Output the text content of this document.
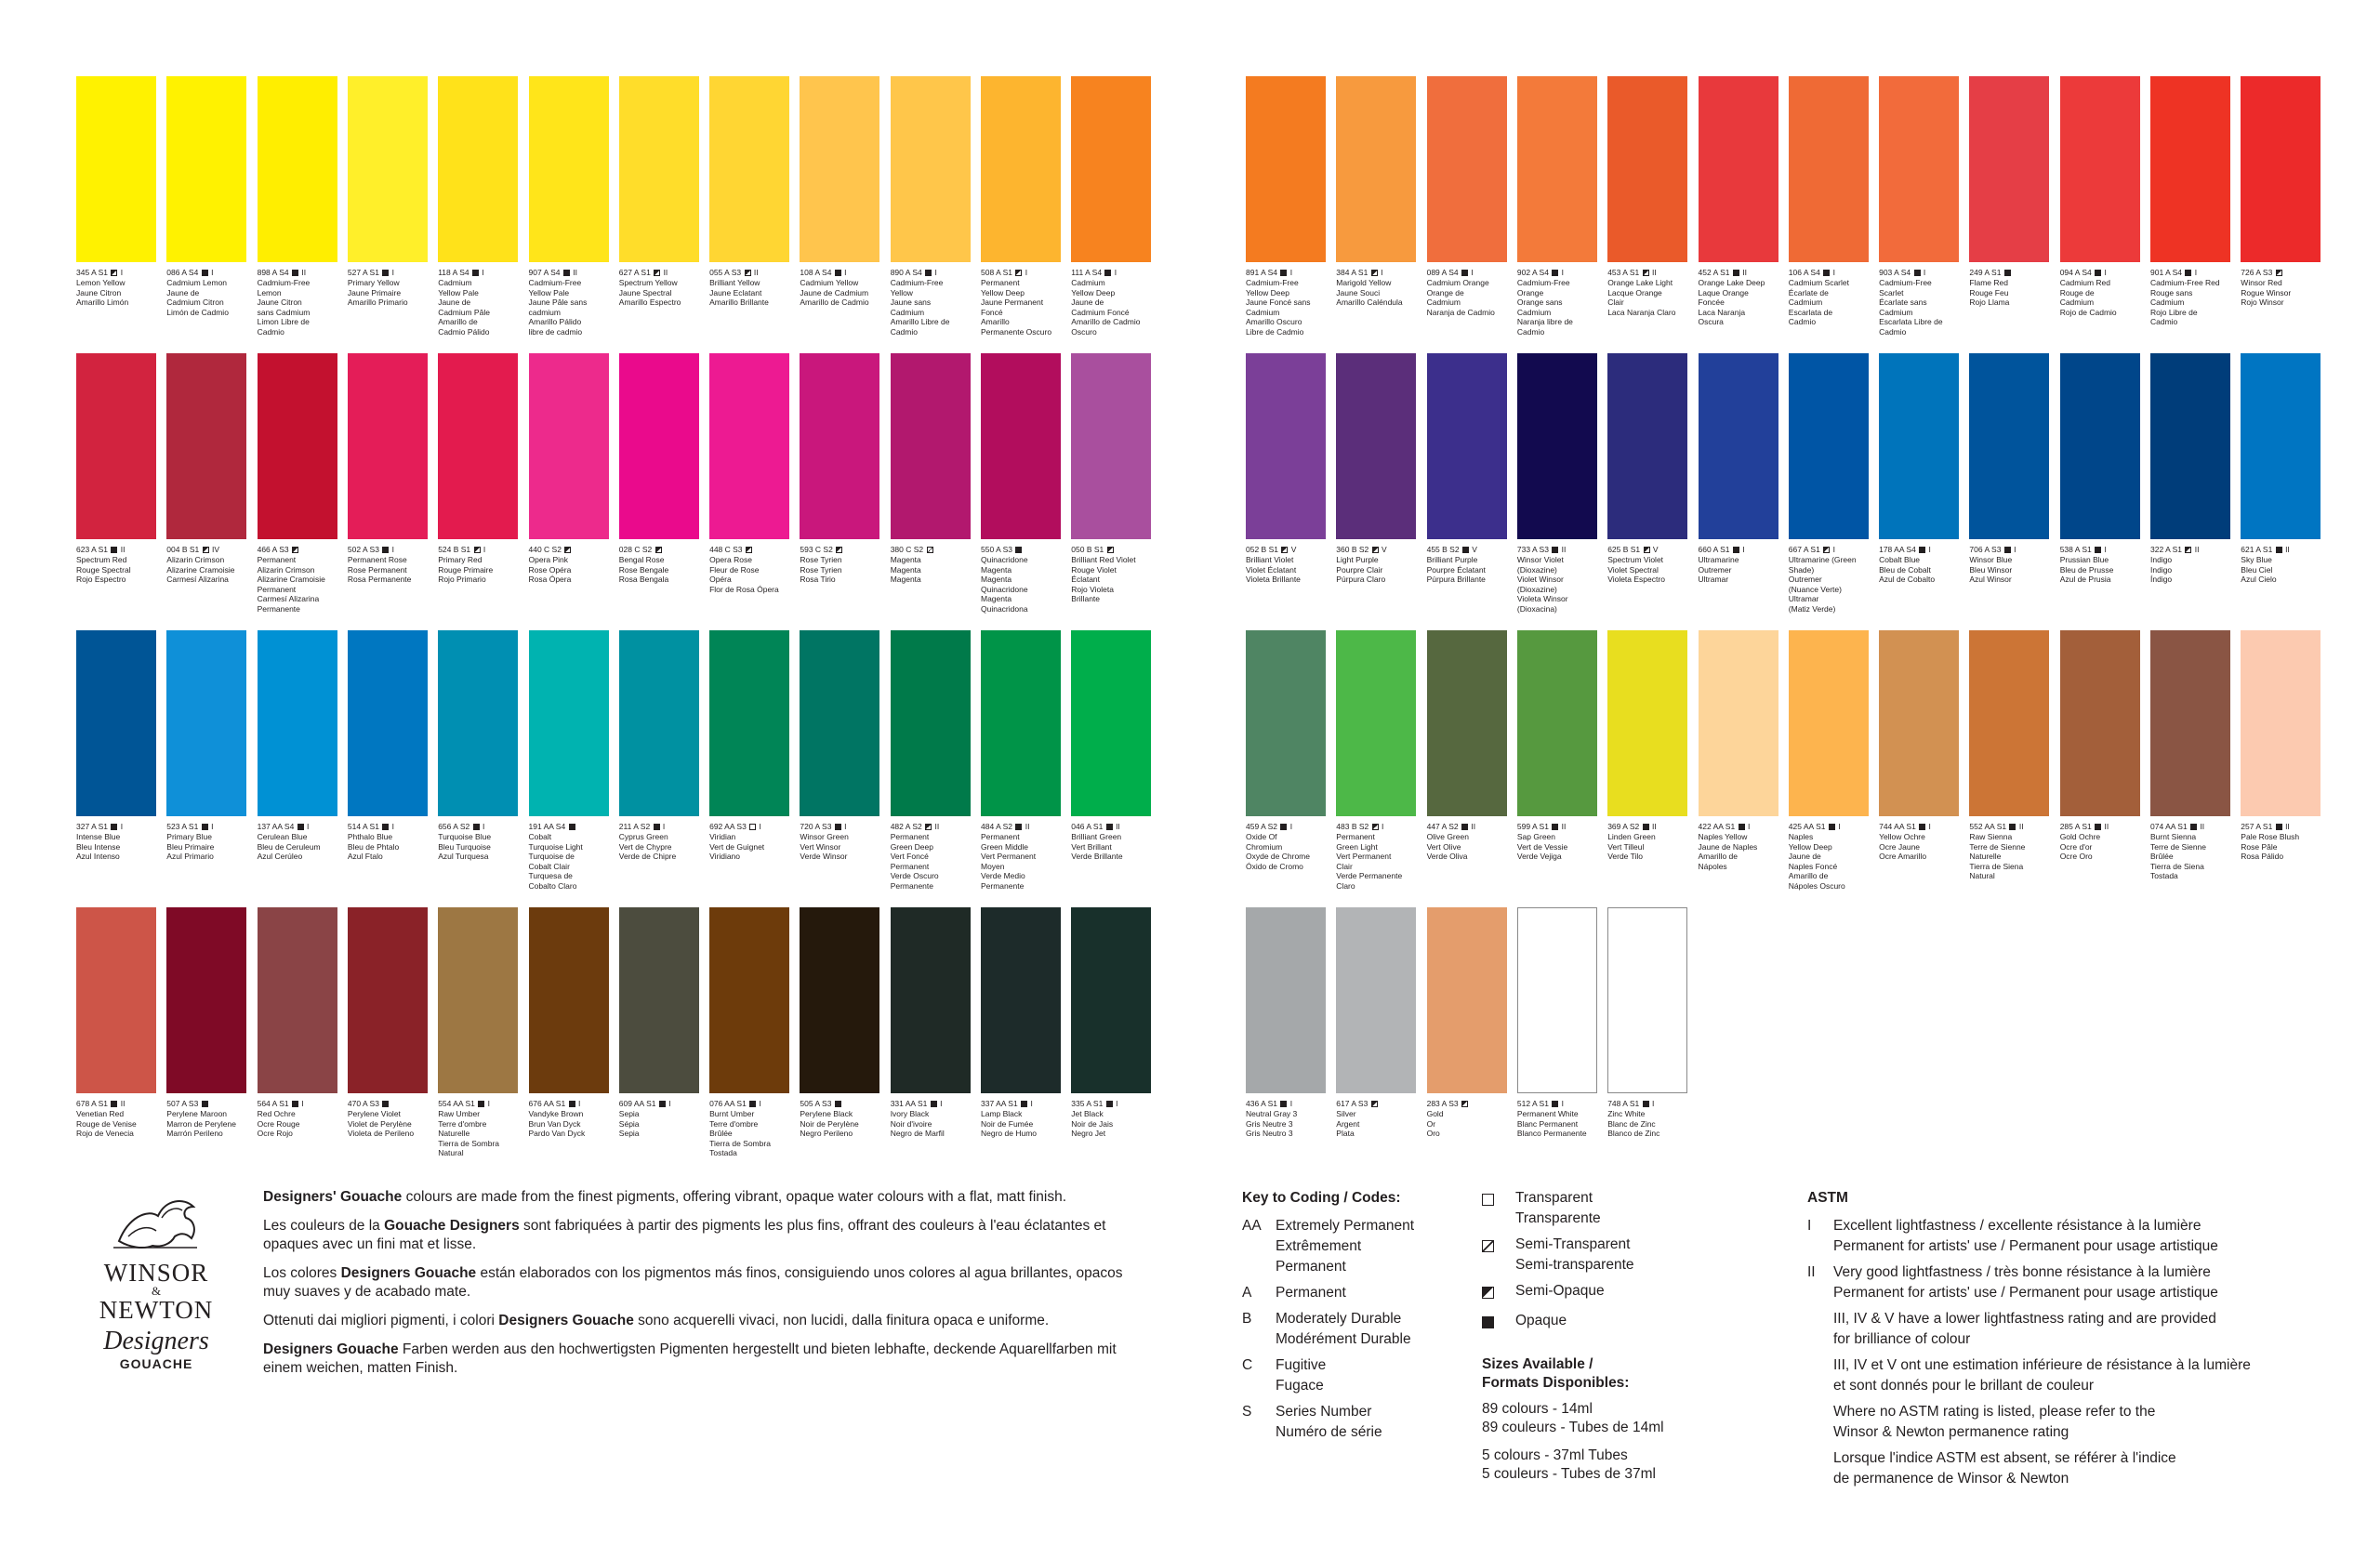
345 A S1  I
Lemon Yellow
Jaune Citron
Amarillo Limón
086 A S4  I
Cadmium Lemon
Jaune de
Cadmium Citron
Limón de Cadmio
898 A S4  II
Cadmium-Free
Lemon
Jaune Citron
sans Cadmium
Limon Libre de
Cadmio
527 A S1  I
Primary Yellow
Jaune Primaire
Amarillo Primario
118 A S4  I
Cadmium
Yellow Pale
Jaune de
Cadmium Pâle
Amarillo de
Cadmio Pálido
907 A S4  II
Cadmium-Free
Yellow Pale
Jaune Pâle sans
cadmium
Amarillo Pálido
libre de cadmio
627 A S1  II
Spectrum Yellow
Jaune Spectral
Amarillo Espectro
055 A S3  II
Brilliant Yellow
Jaune Eclatant
Amarillo Brillante
108 A S4  I
Cadmium Yellow
Jaune de Cadmium
Amarillo de Cadmio
890 A S4  I
Cadmium-Free
Yellow
Jaune sans
Cadmium
Amarillo Libre de
Cadmio
508 A S1  I
Permanent
Yellow Deep
Jaune Permanent
Foncé
Amarillo
Permanente Oscuro
111 A S4  I
Cadmium
Yellow Deep
Jaune de
Cadmium Foncé
Amarillo de Cadmio
Oscuro
623 A S1  II
Spectrum Red
Rouge Spectral
Rojo Espectro
004 B S1  IV
Alizarin Crimson
Alizarine Cramoisie
Carmesí Alizarina
466 A S3
Permanent
Alizarin Crimson
Alizarine Cramoisie
Permanent
Carmesí Alizarina
Permanente
502 A S3  I
Permanent Rose
Rose Permanent
Rosa Permanente
524 B S1  I
Primary Red
Rouge Primaire
Rojo Primario
440 C S2
Opera Pink
Rose Opéra
Rosa Ópera
028 C S2
Bengal Rose
Rose Bengale
Rosa Bengala
448 C S3
Opera Rose
Fleur de Rose
Opéra
Flor de Rosa Ópera
593 C S2
Rose Tyrien
Rose Tyrien
Rosa Tirio
380 C S2
Magenta
Magenta
Magenta
550 A S3
Quinacridone
Magenta
Magenta
Quinacridone
Magenta
Quinacridona
050 B S1
Brilliant Red Violet
Rouge Violet
Éclatant
Rojo Violeta
Brillante
327 A S1  I
Intense Blue
Bleu Intense
Azul Intenso
523 A S1  I
Primary Blue
Bleu Primaire
Azul Primario
137 AA S4  I
Cerulean Blue
Bleu de Ceruleum
Azul Cerúleo
514 A S1  I
Phthalo Blue
Bleu de Phtalo
Azul Ftalo
656 A S2  I
Turquoise Blue
Bleu Turquoise
Azul Turquesa
191 AA S4
Cobalt
Turquoise Light
Turquoise de
Cobalt Clair
Turquesa de
Cobalto Claro
211 A S2  I
Cyprus Green
Vert de Chypre
Verde de Chipre
692 AA S3  I
Viridian
Vert de Guignet
Viridiano
720 A S3  I
Winsor Green
Vert Winsor
Verde Winsor
482 A S2  II
Permanent
Green Deep
Vert Foncé
Permanent
Verde Oscuro
Permanente
484 A S2  II
Permanent
Green Middle
Vert Permanent
Moyen
Verde Medio
Permanente
046 A S1  II
Brilliant Green
Vert Brillant
Verde Brillante
678 A S1  II
Venetian Red
Rouge de Venise
Rojo de Venecia
507 A S3
Perylene Maroon
Marron de Perylene
Marrón Perileno
564 A S1  I
Red Ochre
Ocre Rouge
Ocre Rojo
470 A S3
Perylene Violet
Violet de Perylène
Violeta de Perileno
554 AA S1  I
Raw Umber
Terre d'ombre
Naturelle
Tierra de Sombra
Natural
676 AA S1  I
Vandyke Brown
Brun Van Dyck
Pardo Van Dyck
609 AA S1  I
Sepia
Sépia
Sepia
076 AA S1  I
Burnt Umber
Terre d'ombre
Brûlée
Tierra de Sombra
Tostada
505 A S3
Perylene Black
Noir de Perylène
Negro Perileno
331 AA S1  I
Ivory Black
Noir d'ivoire
Negro de Marfil
337 AA S1  I
Lamp Black
Noir de Fumée
Negro de Humo
335 A S1  I
Jet Black
Noir de Jais
Negro Jet
891 A S4  I
Cadmium-Free
Yellow Deep
Jaune Foncé sans
Cadmium
Amarillo Oscuro
Libre de Cadmio
384 A S1  I
Marigold Yellow
Jaune Souci
Amarillo Caléndula
089 A S4  I
Cadmium Orange
Orange de
Cadmium
Naranja de Cadmio
902 A S4  I
Cadmium-Free
Orange
Orange sans
Cadmium
Naranja libre de
Cadmio
453 A S1  II
Orange Lake Light
Lacque Orange
Clair
Laca Naranja Claro
452 A S1  II
Orange Lake Deep
Laque Orange
Foncée
Laca Naranja
Oscura
106 A S4  I
Cadmium Scarlet
Écarlate de
Cadmium
Escarlata de
Cadmio
903 A S4  I
Cadmium-Free
Scarlet
Écarlate sans
Cadmium
Escarlata Libre de
Cadmio
249 A S1
Flame Red
Rouge Feu
Rojo Llama
094 A S4  I
Cadmium Red
Rouge de
Cadmium
Rojo de Cadmio
901 A S4  I
Cadmium-Free Red
Rouge sans
Cadmium
Rojo Libre de
Cadmio
726 A S3
Winsor Red
Rogue Winsor
Rojo Winsor
052 B S1  V
Brilliant Violet
Violet Éclatant
Violeta Brillante
360 B S2  V
Light Purple
Pourpre Clair
Púrpura Claro
455 B S2  V
Brilliant Purple
Pourpre Éclatant
Púrpura Brillante
733 A S3  II
Winsor Violet
(Dioxazine)
Violet Winsor
(Dioxazine)
Violeta Winsor
(Dioxacina)
625 B S1  V
Spectrum Violet
Violet Spectral
Violeta Espectro
660 A S1  I
Ultramarine
Outremer
Ultramar
667 A S1  I
Ultramarine (Green
Shade)
Outremer
(Nuance Verte)
Ultramar
(Matiz Verde)
178 AA S4  I
Cobalt Blue
Bleu de Cobalt
Azul de Cobalto
706 A S3  I
Winsor Blue
Bleu Winsor
Azul Winsor
538 A S1  I
Prussian Blue
Bleu de Prusse
Azul de Prusia
322 A S1  II
Indigo
Indigo
Índigo
621 A S1  II
Sky Blue
Bleu Ciel
Azul Cielo
459 A S2  I
Oxide Of
Chromium
Oxyde de Chrome
Óxido de Cromo
483 B S2  I
Permanent
Green Light
Vert Permanent
Clair
Verde Permanente
Claro
447 A S2  II
Olive Green
Vert Olive
Verde Oliva
599 A S1  II
Sap Green
Vert de Vessie
Verde Vejiga
369 A S2  II
Linden Green
Vert Tilleul
Verde Tilo
422 AA S1  I
Naples Yellow
Jaune de Naples
Amarillo de
Nápoles
425 AA S1  I
Naples
Yellow Deep
Jaune de
Naples Foncé
Amarillo de
Nápoles Oscuro
744 AA S1  I
Yellow Ochre
Ocre Jaune
Ocre Amarillo
552 AA S1  II
Raw Sienna
Terre de Sienne
Naturelle
Tierra de Siena
Natural
285 A S1  II
Gold Ochre
Ocre d'or
Ocre Oro
074 AA S1  II
Burnt Sienna
Terre de Sienne
Brûlée
Tierra de Siena
Tostada
257 A S1  II
Pale Rose Blush
Rose Pâle
Rosa Pálido
436 A S1  I
Neutral Gray 3
Gris Neutre 3
Gris Neutro 3
617 A S3
Silver
Argent
Plata
283 A S3
Gold
Or
Oro
512 A S1  I
Permanent White
Blanc Permanent
Blanco Permanente
748 A S1  I
Zinc White
Blanc de Zinc
Blanco de Zinc
WINSOR
&
NEWTON
Designers
GOUACHE

Designers' Gouache colours are made from the finest pigments, offering vibrant, opaque water colours with a flat, matt finish.

Les couleurs de la Gouache Designers sont fabriquées à partir des pigments les plus fins, offrant des couleurs à l'eau éclatantes et opaques avec un fini mat et lisse.

Los colores Designers Gouache están elaborados con los pigmentos más finos, consiguiendo unos colores al agua brillantes, opacos muy suaves y de acabado mate.

Ottenuti dai migliori pigmenti, i colori Designers Gouache sono acquerelli vivaci, non lucidi, dalla finitura opaca e uniforme.

Designers Gouache Farben werden aus den hochwertigsten Pigmenten hergestellt und bieten lebhafte, deckende Aquarellfarben mit einem weichen, matten Finish.

Key to Coding / Codes:
AA Extremely Permanent
Extrêmement
Permanent
A	Permanent
B	Moderately Durable
Modérément Durable
C	Fugitive
Fugace
S	Series Number
Numéro de série
Transparent
Transparente
Semi-Transparent
Semi-transparente
Semi-Opaque
Opaque
Sizes Available /
Formats Disponibles:

89 colours - 14ml
89 couleurs - Tubes de 14ml

5 colours - 37ml Tubes
5 couleurs - Tubes de 37ml

ASTM
I	Excellent lightfastness / excellente résistance à la lumière
Permanent for artists' use / Permanent pour usage artistique
II	Very good lightfastness / très bonne résistance à la lumière
Permanent for artists' use / Permanent pour usage artistique
III, IV & V have a lower lightfastness rating and are provided
for brilliance of colour
III, IV et V ont une estimation inférieure de résistance à la lumière
et sont donnés pour le brillant de couleur
Where no ASTM rating is listed, please refer to the
Winsor & Newton permanence rating
Lorsque l'indice ASTM est absent, se référer à l'indice
de permanence de Winsor & Newton
